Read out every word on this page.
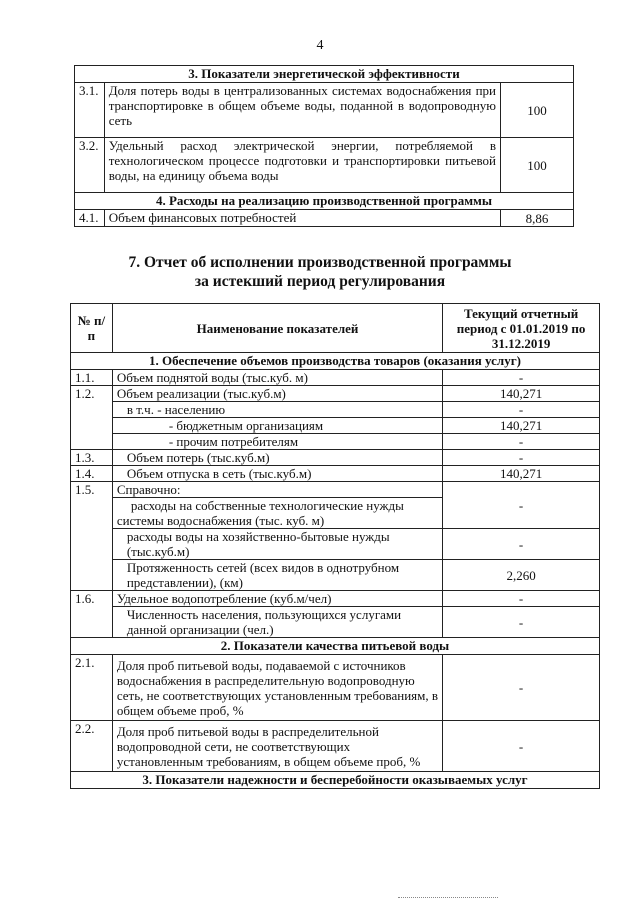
4
3. Показатели энергетической эффективности		
3.1.	Доля потерь воды в централизованных системах водоснабжения при транспортировке в общем объеме воды, поданной в водопроводную сеть	100
3.2.	Удельный расход электрической энергии, потребляемой в технологическом процессе подготовки и транспортировки питьевой воды, на единицу объема воды	100
4. Расходы на реализацию производственной программы		
4.1.	Объем финансовых потребностей	8,86
7. Отчет об исполнении производственной программы
за истекший период регулирования
№ п/п	Наименование показателей	Текущий отчетный период с 01.01.2019 по 31.12.2019
1. Обеспечение объемов производства товаров (оказания услуг)		
1.1.	Объем поднятой воды (тыс.куб. м)	-
1.2.	Объем реализации (тыс.куб.м)	140,271
	в т.ч. - населению	-
	- бюджетным организациям	140,271
	- прочим потребителям	-
1.3.	Объем потерь (тыс.куб.м)	-
1.4.	Объем отпуска в сеть (тыс.куб.м)	140,271
1.5.	Справочно:	-
	расходы на собственные технологические нужды системы водоснабжения (тыс. куб. м)	
	расходы воды на хозяйственно-бытовые нужды (тыс.куб.м)	-
	Протяженность сетей (всех видов в однотрубном представлении), (км)	2,260
1.6.	Удельное водопотребление (куб.м/чел)	-
	Численность населения, пользующихся услугами данной организации (чел.)	-
2. Показатели качества питьевой воды		
2.1.	Доля проб питьевой воды, подаваемой с источников водоснабжения в распределительную водопроводную сеть, не соответствующих установленным требованиям, в общем объеме проб, %	-
2.2.	Доля проб питьевой воды в распределительной водопроводной сети, не соответствующих установленным требованиям, в общем объеме проб, %	-
3. Показатели надежности и бесперебойности оказываемых услуг		
